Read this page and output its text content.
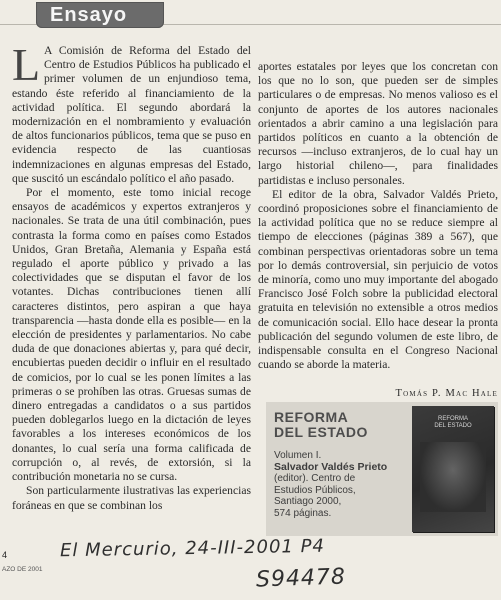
Ensayo

L A Comisión de Reforma del Estado del Centro de Estudios Públicos ha publicado el primer volumen de un enjundioso tema, estando éste referido al financiamiento de la actividad política. El segundo abordará la modernización en el nombramiento y evaluación de altos funcionarios públicos, tema que se puso en evidencia respecto de las cuantiosas indemnizaciones en algunas empresas del Estado, que suscitó un escándalo político el año pasado.

Por el momento, este tomo inicial recoge ensayos de académicos y expertos extranjeros y nacionales. Se trata de una útil combinación, pues contrasta la forma como en países como Estados Unidos, Gran Bretaña, Alemania y España está regulado el aporte público y privado a las colectividades que se disputan el favor de los votantes. Dichas contribuciones tienen allí caracteres distintos, pero aspiran a que haya transparencia —hasta donde ella es posible— en la elección de presidentes y parlamentarios. No cabe duda de que donaciones abiertas y, para qué decir, encubiertas pueden decidir o influir en el resultado de comicios, por lo cual se les ponen límites a las primeras o se prohíben las otras. Gruesas sumas de dinero entregadas a candidatos o a sus partidos pueden doblegarlos luego en la dictación de leyes favorables a los intereses económicos de los donantes, lo cual sería una forma calificada de corrupción o, al revés, de extorsión, si la contribución monetaria no se cursa.

Son particularmente ilustrativas las experiencias foráneas en que se combinan los

aportes estatales por leyes que los concretan con los que no lo son, que pueden ser de simples particulares o de empresas. No menos valioso es el conjunto de aportes de los autores nacionales orientados a abrir camino a una legislación para partidos políticos en cuanto a la obtención de recursos —incluso extranjeros, de lo cual hay un largo historial chileno—, para finalidades partidistas e incluso personales.

El editor de la obra, Salvador Valdés Prieto, coordinó proposiciones sobre el financiamiento de la actividad política que no se reduce siempre al tiempo de elecciones (páginas 389 a 567), que combinan perspectivas orientadoras sobre un tema por lo demás controversial, sin perjuicio de votos de minoría, como uno muy importante del abogado Francisco José Folch sobre la publicidad electoral gratuita en televisión no extensible a otros medios de comunicación social. Ello hace desear la pronta publicación del segundo volumen de este libro, de indispensable consulta en el Congreso Nacional cuando se aborde la materia.

Tomás P. Mac Hale
REFORMA
DEL ESTADO
Volumen I.
Salvador Valdés Prieto
(editor). Centro de
Estudios Públicos,
Santiago 2000,
574 páginas.
REFORMA
DEL ESTADO
4
AZO DE 2001
El Mercurio, 24-III-2001 P4
S94478
